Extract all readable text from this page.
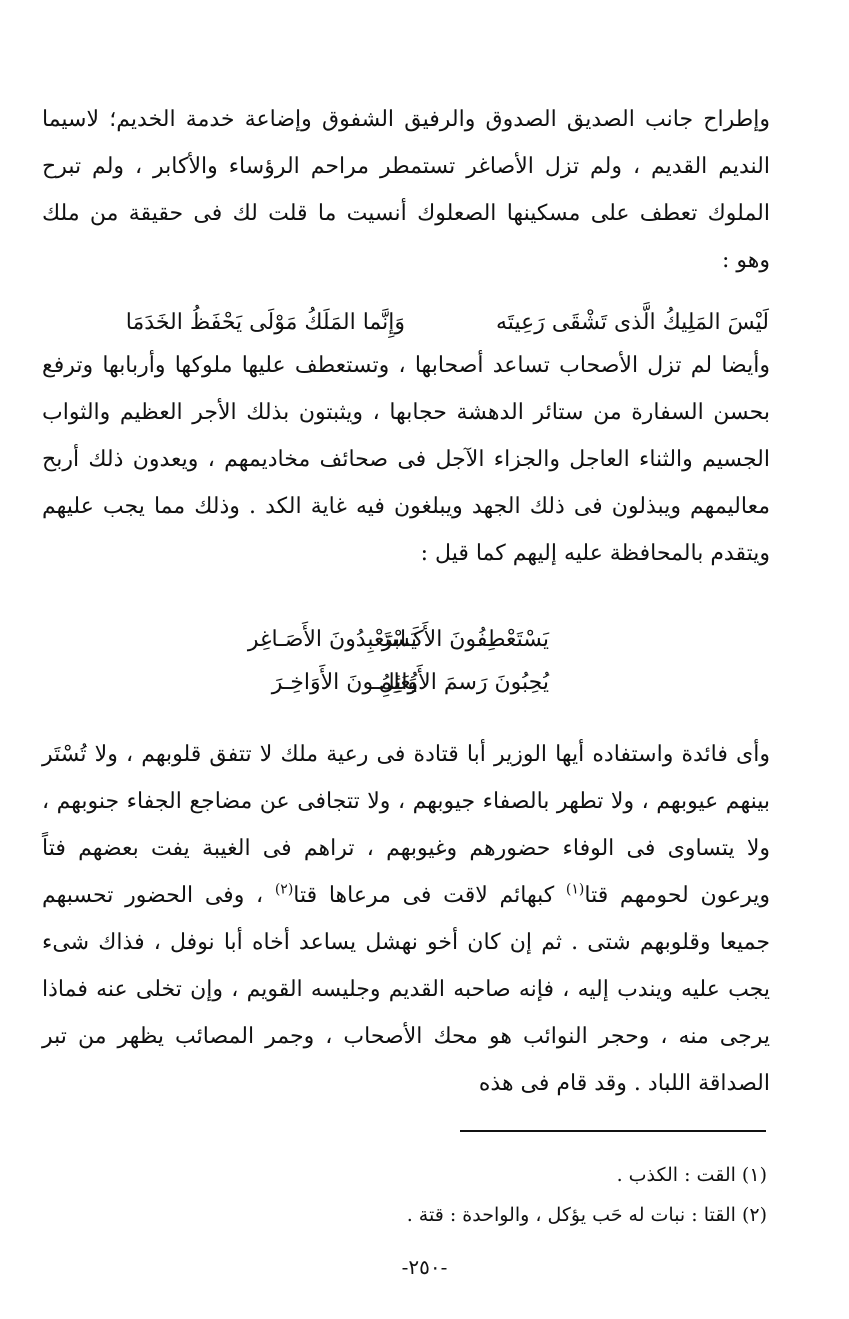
وإطراح جانب الصديق الصدوق والرفيق الشفوق وإضاعة خدمة الخديم؛ لاسيما النديم القديم ، ولم تزل الأصاغر تستمطر مراحم الرؤساء والأكابر ، ولم تبرح الملوك تعطف على مسكينها الصعلوك أنسيت ما قلت لك فى حقيقة من ملك وهو :

لَيْسَ المَلِيكُ الَّذى تَشْقَى رَعِيتَه
وَإِنَّما المَلَكُ مَوْلَى يَحْفَظُ الخَدَمَا

وأيضا لم تزل الأصحاب تساعد أصحابها ، وتستعطف عليها ملوكها وأربابها وترفع بحسن السفارة من ستائر الدهشة حجابها ، ويثبتون بذلك الأجر العظيم والثواب الجسيم والثناء العاجل والجزاء الآجل فى صحائف مخاديمهم ، ويعدون ذلك أربح معاليمهم ويبذلون فى ذلك الجهد ويبلغون فيه غاية الكد . وذلك مما يجب عليهم ويتقدم بالمحافظة عليه إليهم كما قيل :

يَسْتَعْطِفُونَ الأَكَـابرَ
يَسْتَعْبِدُونَ الأَصَـاغِر
يُحِبُونَ رَسمَ الأَوَائِلِ
يُعَلِمُـونَ الأَوَاخِـرَ

وأى فائدة واستفاده أيها الوزير أبا قتادة فى رعية ملك لا تتفق قلوبهم ، ولا تُسْتَر بينهم عيوبهم ، ولا تطهر بالصفاء جيوبهم ، ولا تتجافى عن مضاجع الجفاء جنوبهم ، ولا يتساوى فى الوفاء حضورهم وغيوبهم ، تراهم فى الغيبة يفت بعضهم فتاً ويرعون لحومهم قتا$^{(١)}$ كبهائم لاقت فى مرعاها قتا$^{(٢)}$ ، وفى الحضور تحسبهم جميعا وقلوبهم شتى . ثم إن كان أخو نهشل يساعد أخاه أبا نوفل ، فذاك شىء يجب عليه ويندب إليه ، فإنه صاحبه القديم وجليسه القويم ، وإن تخلى عنه فماذا يرجى منه ، وحجر النوائب هو محك الأصحاب ، وجمر المصائب يظهر من تبر الصداقة اللباد . وقد قام فى هذه

(١) القت : الكذب .
(٢) القتا : نبات له حَب يؤكل ، والواحدة : قتة .
-٢٥٠-
